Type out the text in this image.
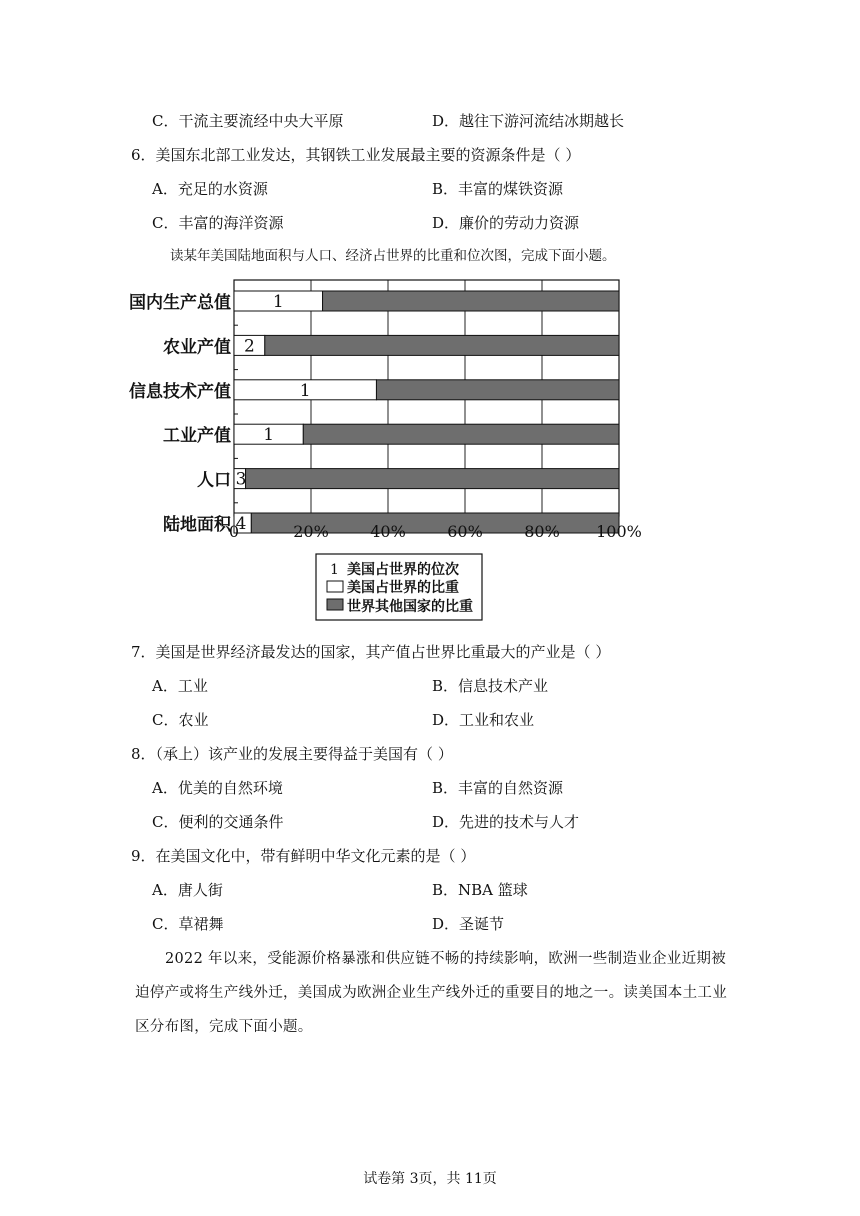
C．干流主要流经中央大平原	D．越往下游河流结冰期越长
6．美国东北部工业发达，其钢铁工业发展最主要的资源条件是（ ）
A．充足的水资源	B．丰富的煤铁资源
C．丰富的海洋资源	D．廉价的劳动力资源
读某年美国陆地面积与人口、经济占世界的比重和位次图，完成下面小题。
1
2
1
1
3
4
国内生产总值
农业产值
信息技术产值
工业产值
人口
陆地面积
0	20%	40%	60%	80% 100%
1 美国占世界的位次
美国占世界的比重
世界其他国家的比重
7．美国是世界经济最发达的国家，其产值占世界比重最大的产业是（ ）
A．工业	B．信息技术产业
C．农业	D．工业和农业
8．（承上）该产业的发展主要得益于美国有（ ）
A．优美的自然环境	B．丰富的自然资源
C．便利的交通条件	D．先进的技术与人才
9．在美国文化中，带有鲜明中华文化元素的是（ ）
A．唐人街	B．NBA 篮球
C．草裙舞	D．圣诞节
2022 年以来，受能源价格暴涨和供应链不畅的持续影响，欧洲一些制造业企业近期被迫停产或将生产线外迁，美国成为欧洲企业生产线外迁的重要目的地之一。读美国本土工业区分布图，完成下面小题。
试卷第 3页，共 11页
